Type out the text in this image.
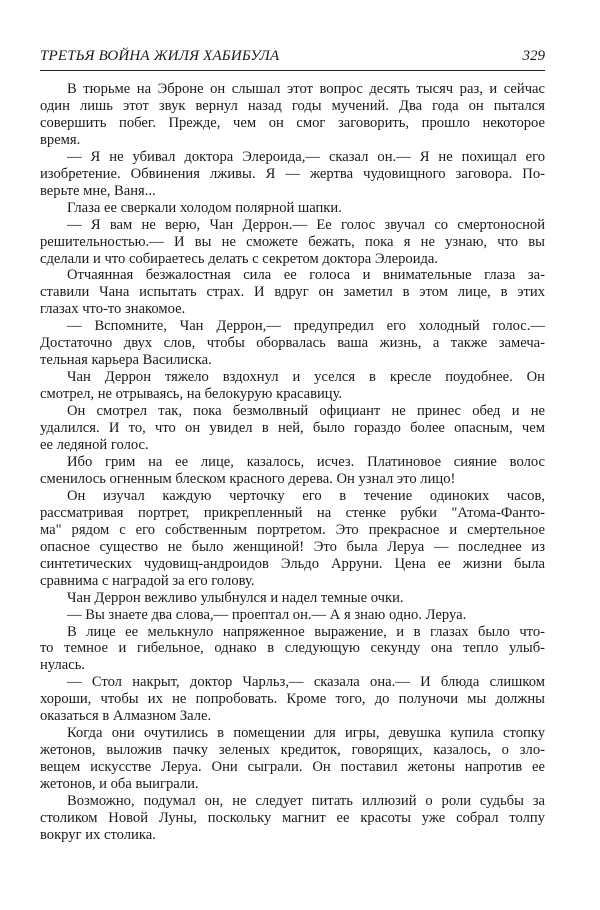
ТРЕТЬЯ ВОЙНА ЖИЛЯ ХАБИБУЛА	329
В тюрьме на Эброне он слышал этот вопрос десять тысяч раз, и сейчас
один лишь этот звук вернул назад годы мучений. Два года он пытался
совершить побег. Прежде, чем он смог заговорить, прошло некоторое
время.
— Я не убивал доктора Элероида,— сказал он.— Я не похищал его
изобретение. Обвинения лживы. Я — жертва чудовищного заговора. По-
верьте мне, Ваня...
Глаза ее сверкали холодом полярной шапки.
— Я вам не верю, Чан Деррон.— Ее голос звучал со смертоносной
решительностью.— И вы не сможете бежать, пока я не узнаю, что вы
сделали и что собираетесь делать с секретом доктора Элероида.
Отчаянная безжалостная сила ее голоса и внимательные глаза за-
ставили Чана испытать страх. И вдруг он заметил в этом лице, в этих
глазах что-то знакомое.
— Вспомните, Чан Деррон,— предупредил его холодный голос.—
Достаточно двух слов, чтобы оборвалась ваша жизнь, а также замеча-
тельная карьера Василиска.
Чан Деррон тяжело вздохнул и уселся в кресле поудобнее. Он
смотрел, не отрываясь, на белокурую красавицу.
Он смотрел так, пока безмолвный официант не принес обед и не
удалился. И то, что он увидел в ней, было гораздо более опасным, чем
ее ледяной голос.
Ибо грим на ее лице, казалось, исчез. Платиновое сияние волос
сменилось огненным блеском красного дерева. Он узнал это лицо!
Он изучал каждую черточку его в течение одиноких часов,
рассматривая портрет, прикрепленный на стенке рубки "Атома-Фанто-
ма" рядом с его собственным портретом. Это прекрасное и смертельное
опасное существо не было женщиной! Это была Леруа — последнее из
синтетических чудовищ-андроидов Эльдо Арруни. Цена ее жизни была
сравнима с наградой за его голову.
Чан Деррон вежливо улыбнулся и надел темные очки.
— Вы знаете два слова,— проептал он.— А я знаю одно. Леруа.
В лице ее мелькнуло напряженное выражение, и в глазах было что-
то темное и гибельное, однако в следующую секунду она тепло улыб-
нулась.
— Стол накрыт, доктор Чарльз,— сказала она.— И блюда слишком
хороши, чтобы их не попробовать. Кроме того, до полуночи мы должны
оказаться в Алмазном Зале.
Когда они очутились в помещении для игры, девушка купила стопку
жетонов, выложив пачку зеленых кредиток, говорящих, казалось, о зло-
вещем искусстве Леруа. Они сыграли. Он поставил жетоны напротив ее
жетонов, и оба выиграли.
Возможно, подумал он, не следует питать иллюзий о роли судьбы за
столиком Новой Луны, поскольку магнит ее красоты уже собрал толпу
вокруг их столика.
